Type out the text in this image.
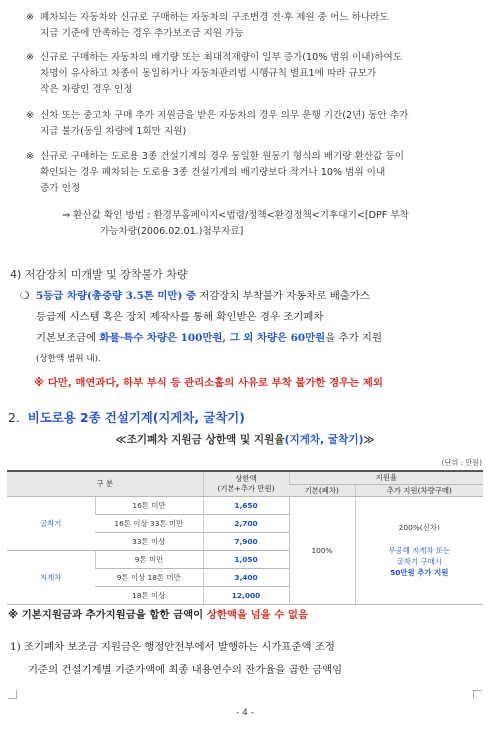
※ 폐차되는 자동차와 신규로 구매하는 자동차의 구조변경 전·후 제원 중 어느 하나라도
지급 기준에 만족하는 경우 추가보조금 지원 가능
※ 신규로 구매하는 자동차의 배기량 또는 최대적재량이 일부 증가(10% 범위 이내)하여도
차명이 유사하고 차종이 동일하거나 자동차관리법 시행규칙 별표1에 따라 규모가
작은 차량인 경우 인정
※ 신차 또는 중고차 구매 추가 지원금을 받은 자동차의 경우 의무 운행 기간(2년) 동안 추가
지급 불가(동일 차량에 1회만 지원)
※ 신규로 구매하는 도로용 3종 건설기계의 경우 동일한 원동기 형식의 배기량 환산값 등이
확인되는 경우 폐차되는 도로용 3종 건설기계의 배기량보다 작거나 10% 범위 이내
증가 인정
⇒ 환산값 확인 방법 : 환경부홈페이지<법령/정책<환경정책<기후대기<[DPF 부착
가능차량(2006.02.01.)첨부자료]
4) 저감장치 미개발 및 장착불가 차량
❍ 5등급 차량(총중량 3.5톤 미만) 중 저감장치 부착불가 자동차로 배출가스
등급제 시스템 혹은 장치 제작사를 통해 확인받은 경우 조기폐차
기본보조금에 화물·특수 차량은 100만원, 그 외 차량은 60만원을 추가 지원
(상한액 범위 내).
※ 다만, 매연과다, 하부 부식 등 관리소홀의 사유로 부착 불가한 경우는 제외
2. 비도로용 2종 건설기계(지게차, 굴착기)
≪조기폐차 지원금 상한액 및 지원율(지게차, 굴착기)≫
(단위 : 만원)
구 분		상한액
(기본+추가 만원)	지원율	
			기본(폐차)	추가 지원(차량구매)
굴착기	16톤 미만	1,650	100%	200%(신차)
무공해 지게차 또는
굴착기 구매시
50만원 추가 지원

	16톤 이상 33톤 미만	2,700		
	33톤 이상	7,900		
지게차	9톤 미만	1,050		
	9톤 이상 18톤 미만	3,400		
	18톤 이상	12,000		
※ 기본지원금과 추가지원금을 합한 금액이 상한액을 넘을 수 없음
1) 조기폐차 보조금 지원금은 행정안전부에서 발행하는 시가표준액 조정
기준의 건설기계별 기준가액에 최종 내용연수의 잔가율을 곱한 금액임
- 4 -
